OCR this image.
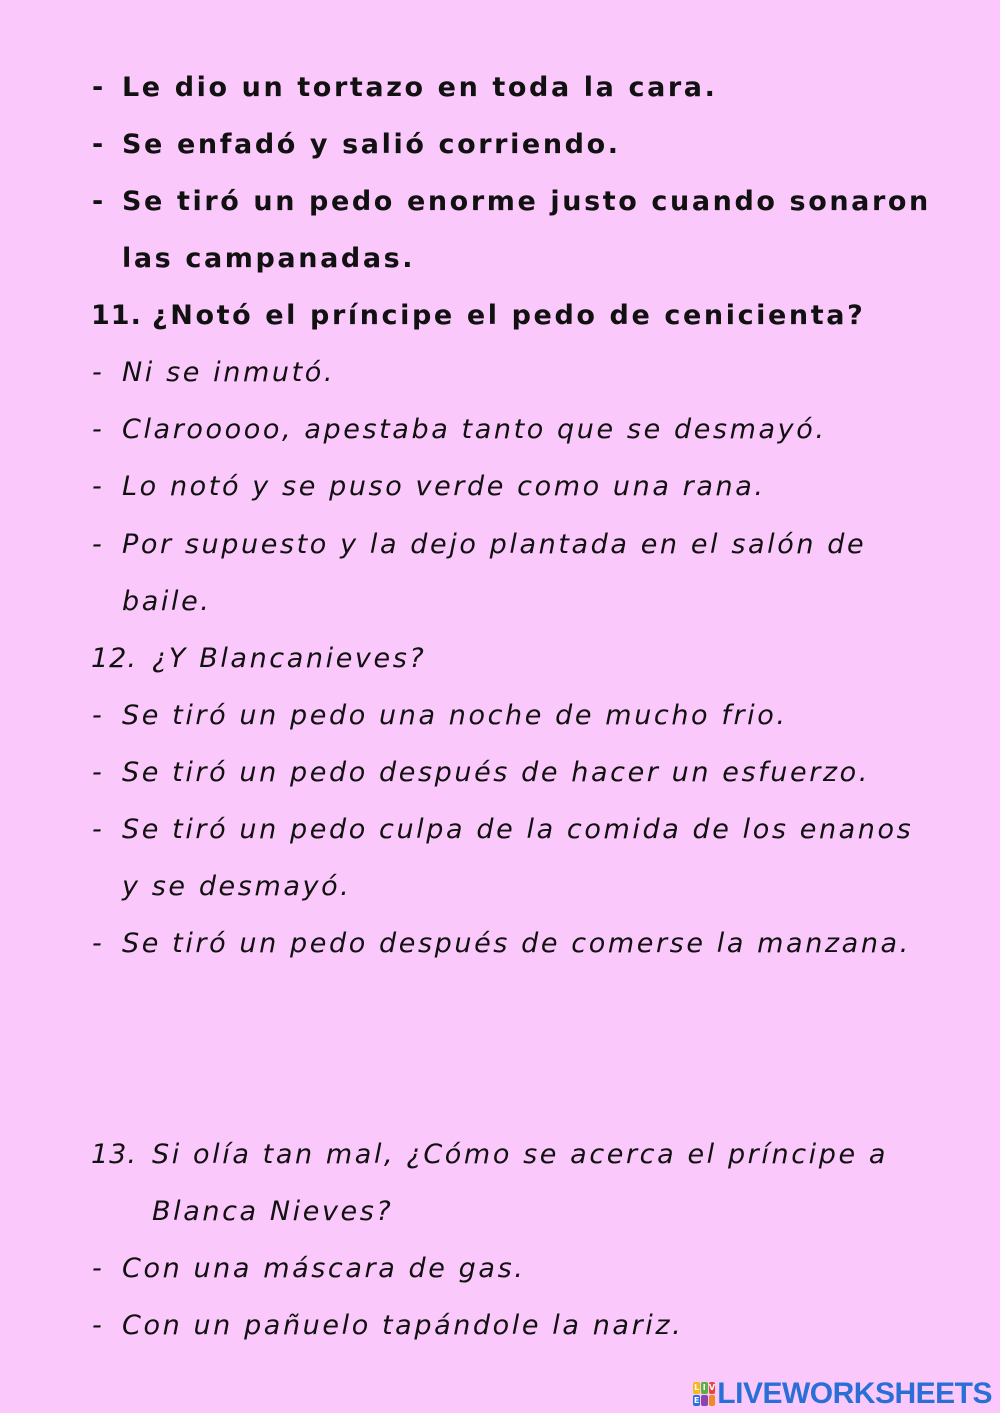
- Le dio un tortazo en toda la cara.
- Se enfadó y salió corriendo.
- Se tiró un pedo enorme justo cuando sonaron
las campanadas.
11. ¿Notó el príncipe el pedo de cenicienta?
- Ni se inmutó.
- Clarooooo, apestaba tanto que se desmayó.
- Lo notó y se puso verde como una rana.
- Por supuesto y la dejo plantada en el salón de
baile.
12. ¿Y Blancanieves?
- Se tiró un pedo una noche de mucho frio.
- Se tiró un pedo después de hacer un esfuerzo.
- Se tiró un pedo culpa de la comida de los enanos
y se desmayó.
- Se tiró un pedo después de comerse la manzana.
13. Si olía tan mal, ¿Cómo se acerca el príncipe a
Blanca Nieves?
- Con una máscara de gas.
- Con un pañuelo tapándole la nariz.
L I V
E LIVEWORKSHEETS
